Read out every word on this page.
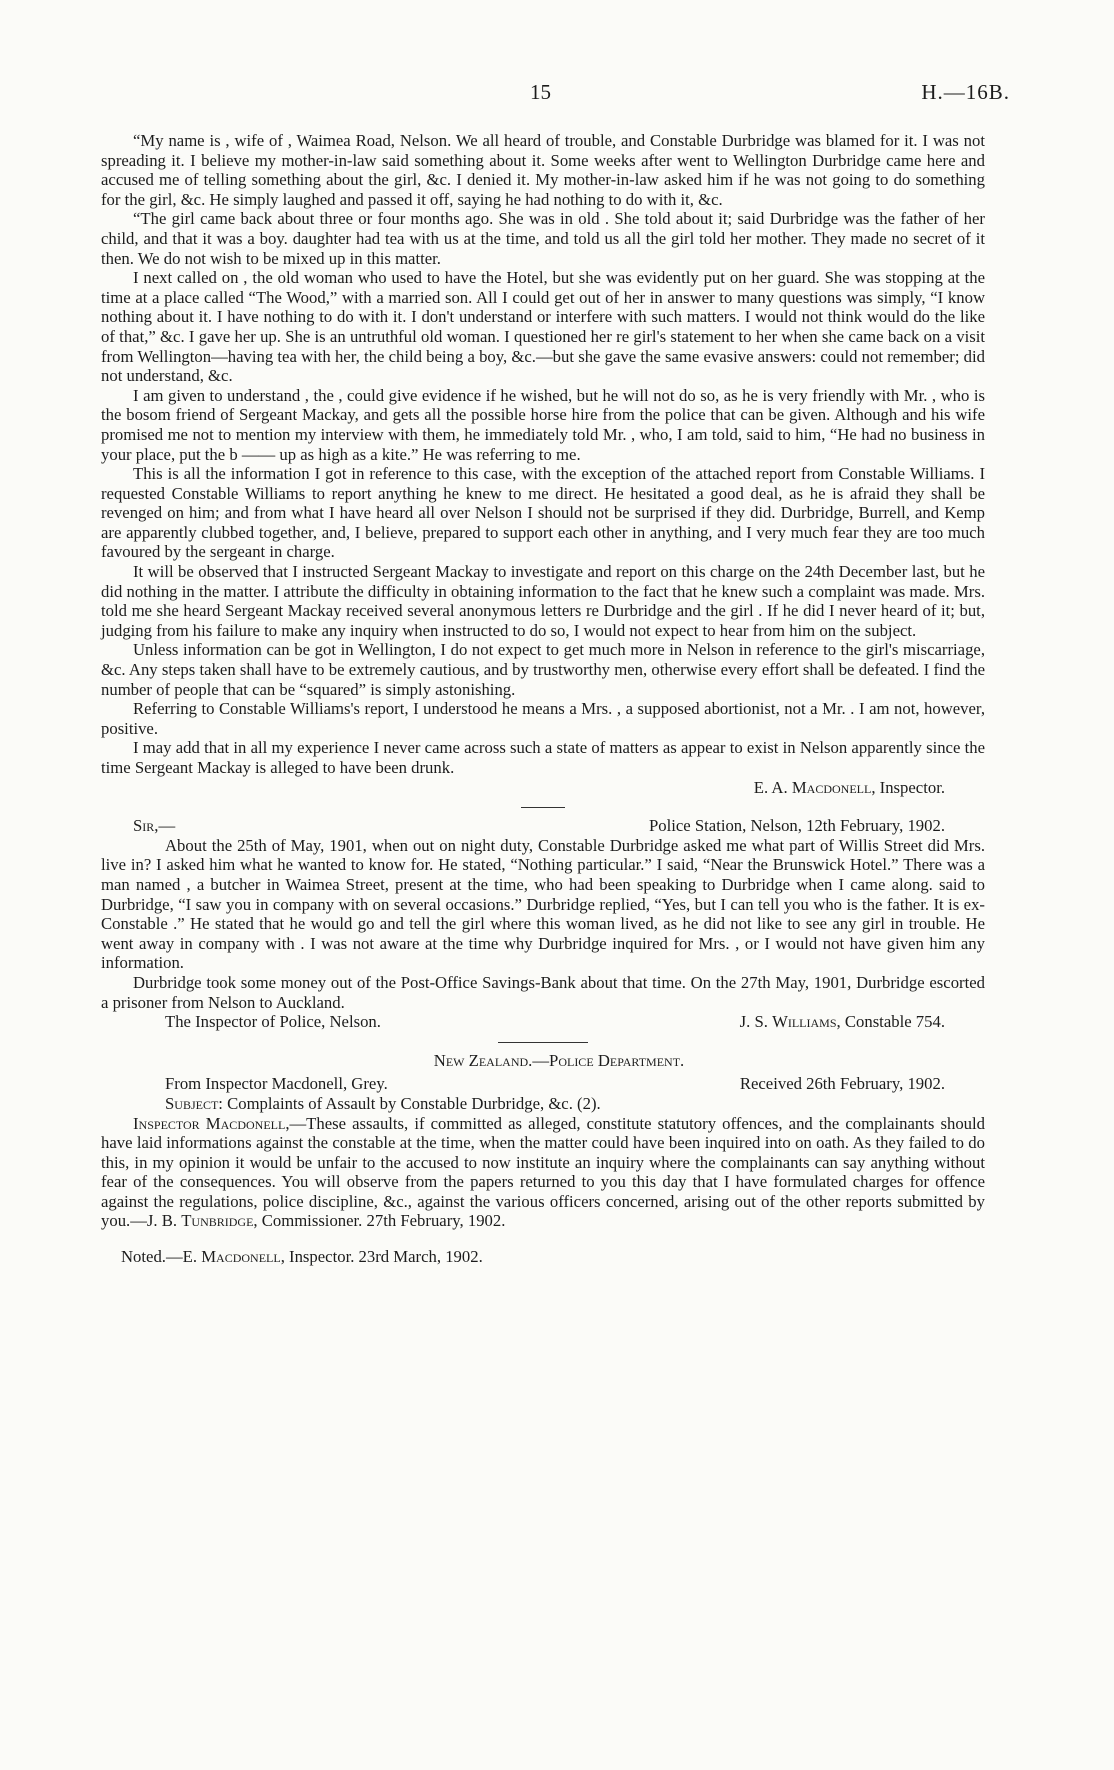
15	H.—16B.

“My name is , wife of , Waimea Road, Nelson. We all heard of trouble, and Constable Durbridge was blamed for it. I was not spreading it. I believe my mother-in-law said something about it. Some weeks after went to Wellington Durbridge came here and accused me of telling something about the girl, &c. I denied it. My mother-in-law asked him if he was not going to do something for the girl, &c. He simply laughed and passed it off, saying he had nothing to do with it, &c.

“The girl came back about three or four months ago. She was in old . She told about it; said Durbridge was the father of her child, and that it was a boy. daughter had tea with us at the time, and told us all the girl told her mother. They made no secret of it then. We do not wish to be mixed up in this matter.

I next called on , the old woman who used to have the Hotel, but she was evidently put on her guard. She was stopping at the time at a place called “The Wood,” with a married son. All I could get out of her in answer to many questions was simply, “I know nothing about it. I have nothing to do with it. I don't understand or interfere with such matters. I would not think would do the like of that,” &c. I gave her up. She is an untruthful old woman. I questioned her re girl's statement to her when she came back on a visit from Wellington—having tea with her, the child being a boy, &c.—but she gave the same evasive answers: could not remember; did not understand, &c.

I am given to understand , the , could give evidence if he wished, but he will not do so, as he is very friendly with Mr. , who is the bosom friend of Sergeant Mackay, and gets all the possible horse hire from the police that can be given. Although and his wife promised me not to mention my interview with them, he immediately told Mr. , who, I am told, said to him, “He had no business in your place, put the b —— up as high as a kite.” He was referring to me.

This is all the information I got in reference to this case, with the exception of the attached report from Constable Williams. I requested Constable Williams to report anything he knew to me direct. He hesitated a good deal, as he is afraid they shall be revenged on him; and from what I have heard all over Nelson I should not be surprised if they did. Durbridge, Burrell, and Kemp are apparently clubbed together, and, I believe, prepared to support each other in anything, and I very much fear they are too much favoured by the sergeant in charge.

It will be observed that I instructed Sergeant Mackay to investigate and report on this charge on the 24th December last, but he did nothing in the matter. I attribute the difficulty in obtaining information to the fact that he knew such a complaint was made. Mrs. told me she heard Sergeant Mackay received several anonymous letters re Durbridge and the girl . If he did I never heard of it; but, judging from his failure to make any inquiry when instructed to do so, I would not expect to hear from him on the subject.

Unless information can be got in Wellington, I do not expect to get much more in Nelson in reference to the girl's miscarriage, &c. Any steps taken shall have to be extremely cautious, and by trustworthy men, otherwise every effort shall be defeated. I find the number of people that can be “squared” is simply astonishing.

Referring to Constable Williams's report, I understood he means a Mrs. , a supposed abortionist, not a Mr. . I am not, however, positive.

I may add that in all my experience I never came across such a state of matters as appear to exist in Nelson apparently since the time Sergeant Mackay is alleged to have been drunk.

E. A. Macdonell, Inspector.

Sir,—	Police Station, Nelson, 12th February, 1902.

About the 25th of May, 1901, when out on night duty, Constable Durbridge asked me what part of Willis Street did Mrs. live in? I asked him what he wanted to know for. He stated, “Nothing particular.” I said, “Near the Brunswick Hotel.” There was a man named , a butcher in Waimea Street, present at the time, who had been speaking to Durbridge when I came along. said to Durbridge, “I saw you in company with on several occasions.” Durbridge replied, “Yes, but I can tell you who is the father. It is ex-Constable .” He stated that he would go and tell the girl where this woman lived, as he did not like to see any girl in trouble. He went away in company with . I was not aware at the time why Durbridge inquired for Mrs. , or I would not have given him any information.

Durbridge took some money out of the Post-Office Savings-Bank about that time. On the 27th May, 1901, Durbridge escorted a prisoner from Nelson to Auckland.

The Inspector of Police, Nelson.	J. S. Williams, Constable 754.

New Zealand.—Police Department.

From Inspector Macdonell, Grey.	Received 26th February, 1902.

Subject: Complaints of Assault by Constable Durbridge, &c. (2).

Inspector Macdonell,—These assaults, if committed as alleged, constitute statutory offences, and the complainants should have laid informations against the constable at the time, when the matter could have been inquired into on oath. As they failed to do this, in my opinion it would be unfair to the accused to now institute an inquiry where the complainants can say anything without fear of the consequences. You will observe from the papers returned to you this day that I have formulated charges for offence against the regulations, police discipline, &c., against the various officers concerned, arising out of the other reports submitted by you.—J. B. Tunbridge, Commissioner. 27th February, 1902.

Noted.—E. Macdonell, Inspector. 23rd March, 1902.
